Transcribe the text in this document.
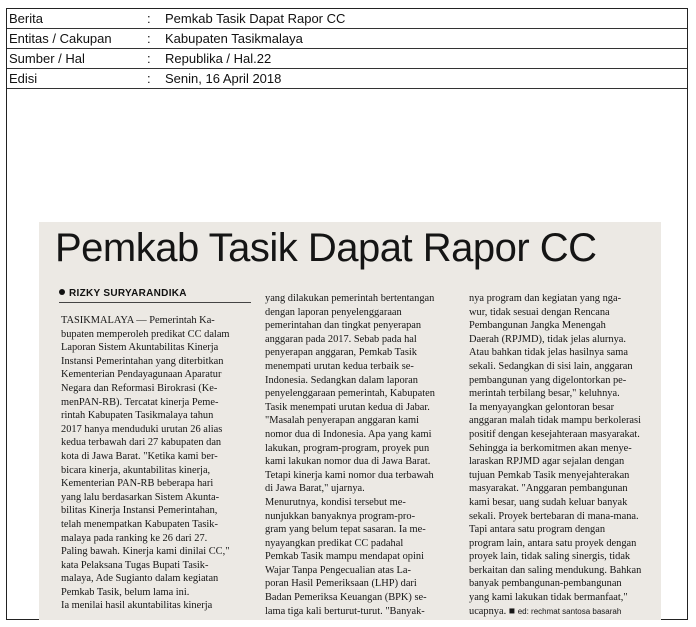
Berita	: Pemkab Tasik Dapat Rapor CC
Entitas / Cakupan	: Kabupaten Tasikmalaya
Sumber / Hal	: Republika / Hal.22
Edisi	: Senin, 16 April 2018
Pemkab Tasik Dapat Rapor CC
RIZKY SURYARANDIKA

TASIKMALAYA — Pemerintah Ka-

bupaten memperoleh predikat CC dalam

Laporan Sistem Akuntabilitas Kinerja

Instansi Pemerintahan yang diterbitkan

Kementerian Pendayagunaan Aparatur

Negara dan Reformasi Birokrasi (Ke-

menPAN-RB). Tercatat kinerja Peme-

rintah Kabupaten Tasikmalaya tahun

2017 hanya menduduki urutan 26 alias

kedua terbawah dari 27 kabupaten dan

kota di Jawa Barat. "Ketika kami ber-

bicara kinerja, akuntabilitas kinerja,

Kementerian PAN-RB beberapa hari

yang lalu berdasarkan Sistem Akunta-

bilitas Kinerja Instansi Pemerintahan,

telah menempatkan Kabupaten Tasik-

malaya pada ranking ke 26 dari 27.

Paling bawah. Kinerja kami dinilai CC,"

kata Pelaksana Tugas Bupati Tasik-

malaya, Ade Sugianto dalam kegiatan

Pemkab Tasik, belum lama ini.

Ia menilai hasil akuntabilitas kinerja

yang dilakukan pemerintah bertentangan

dengan laporan penyelenggaraan

pemerintahan dan tingkat penyerapan

anggaran pada 2017. Sebab pada hal

penyerapan anggaran, Pemkab Tasik

menempati urutan kedua terbaik se-

Indonesia. Sedangkan dalam laporan

penyelenggaraan pemerintah, Kabupaten

Tasik menempati urutan kedua di Jabar.

"Masalah penyerapan anggaran kami

nomor dua di Indonesia. Apa yang kami

lakukan, program-program, proyek pun

kami lakukan nomor dua di Jawa Barat.

Tetapi kinerja kami nomor dua terbawah

di Jawa Barat," ujarnya.

Menurutnya, kondisi tersebut me-

nunjukkan banyaknya program-pro-

gram yang belum tepat sasaran. Ia me-

nyayangkan predikat CC padahal

Pemkab Tasik mampu mendapat opini

Wajar Tanpa Pengecualian atas La-

poran Hasil Pemeriksaan (LHP) dari

Badan Pemeriksa Keuangan (BPK) se-

lama tiga kali berturut-turut. "Banyak-

nya program dan kegiatan yang nga-

wur, tidak sesuai dengan Rencana

Pembangunan Jangka Menengah

Daerah (RPJMD), tidak jelas alurnya.

Atau bahkan tidak jelas hasilnya sama

sekali. Sedangkan di sisi lain, anggaran

pembangunan yang digelontorkan pe-

merintah terbilang besar," keluhnya.

Ia menyayangkan gelontoran besar

anggaran malah tidak mampu berkolerasi

positif dengan kesejahteraan masyarakat.

Sehingga ia berkomitmen akan menye-

laraskan RPJMD agar sejalan dengan

tujuan Pemkab Tasik menyejahterakan

masyarakat. "Anggaran pembangunan

kami besar, uang sudah keluar banyak

sekali. Proyek bertebaran di mana-mana.

Tapi antara satu program dengan

program lain, antara satu proyek dengan

proyek lain, tidak saling sinergis, tidak

berkaitan dan saling mendukung. Bahkan

banyak pembangunan-pembangunan

yang kami lakukan tidak bermanfaat,"

ucapnya. ■ ed: rechmat santosa basarah
